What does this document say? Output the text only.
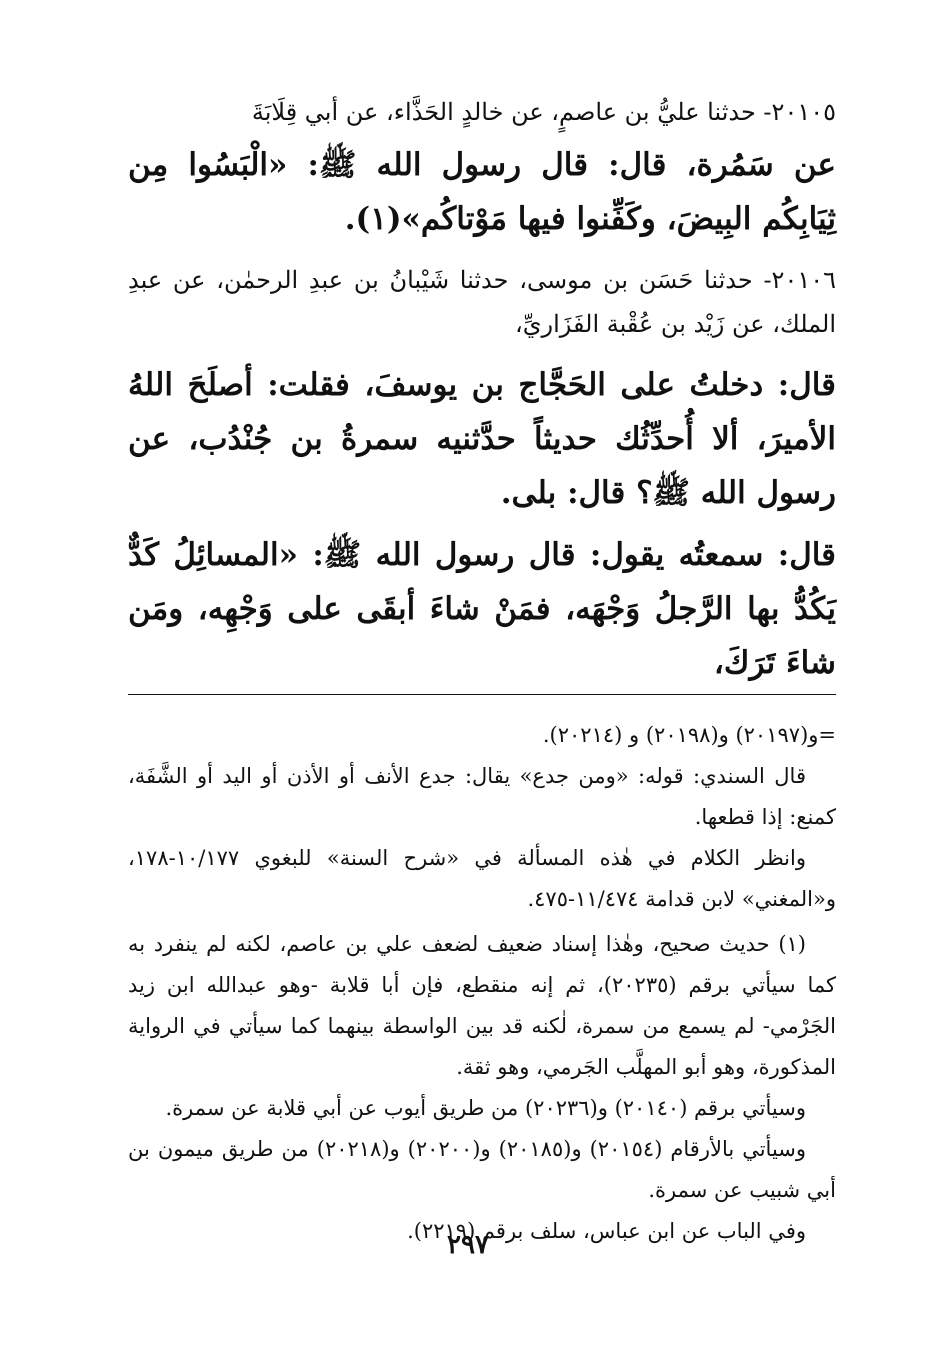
٢٠١٠٥- حدثنا عليُّ بن عاصمٍ، عن خالدٍ الحَذَّاء، عن أبي قِلَابَةَ

عن سَمُرة، قال: قال رسول الله ﷺ: «الْبَسُوا مِن ثِيَابِكُم البِيضَ، وكَفِّنوا فيها مَوْتاكُم»(١).

٢٠١٠٦- حدثنا حَسَن بن موسى، حدثنا شَيْبانُ بن عبدِ الرحمٰن، عن عبدِ الملك، عن زَيْد بن عُقْبة الفَزَاريِّ،

قال: دخلتُ على الحَجَّاج بن يوسفَ، فقلت: أصلَحَ اللهُ الأميرَ، ألا أُحدِّثُك حديثاً حدَّثنيه سمرةُ بن جُنْدُب، عن رسول الله ﷺ؟ قال: بلى.

قال: سمعتُه يقول: قال رسول الله ﷺ: «المسائِلُ كَدٌّ يَكُدُّ بها الرَّجلُ وَجْهَه، فمَنْ شاءَ أبقَى على وَجْهِه، ومَن شاءَ تَرَكَ،

=و(٢٠١٩٧) و(٢٠١٩٨) و (٢٠٢١٤).

قال السندي: قوله: «ومن جدع» يقال: جدع الأنف أو الأذن أو اليد أو الشَّفَة، كمنع: إذا قطعها.

وانظر الكلام في هٰذه المسألة في «شرح السنة» للبغوي ١٠/١٧٧-١٧٨، و«المغني» لابن قدامة ١١/٤٧٤-٤٧٥.

(١) حديث صحيح، وهٰذا إسناد ضعيف لضعف علي بن عاصم، لكنه لم ينفرد به كما سيأتي برقم (٢٠٢٣٥)، ثم إنه منقطع، فإن أبا قلابة -وهو عبدالله ابن زيد الجَرْمي- لم يسمع من سمرة، لٰكنه قد بين الواسطة بينهما كما سيأتي في الرواية المذكورة، وهو أبو المهلَّب الجَرمي، وهو ثقة.

وسيأتي برقم (٢٠١٤٠) و(٢٠٢٣٦) من طريق أيوب عن أبي قلابة عن سمرة.

وسيأتي بالأرقام (٢٠١٥٤) و(٢٠١٨٥) و(٢٠٢٠٠) و(٢٠٢١٨) من طريق ميمون بن أبي شبيب عن سمرة.

وفي الباب عن ابن عباس، سلف برقم (٢٢١٩).

٢٩٧
